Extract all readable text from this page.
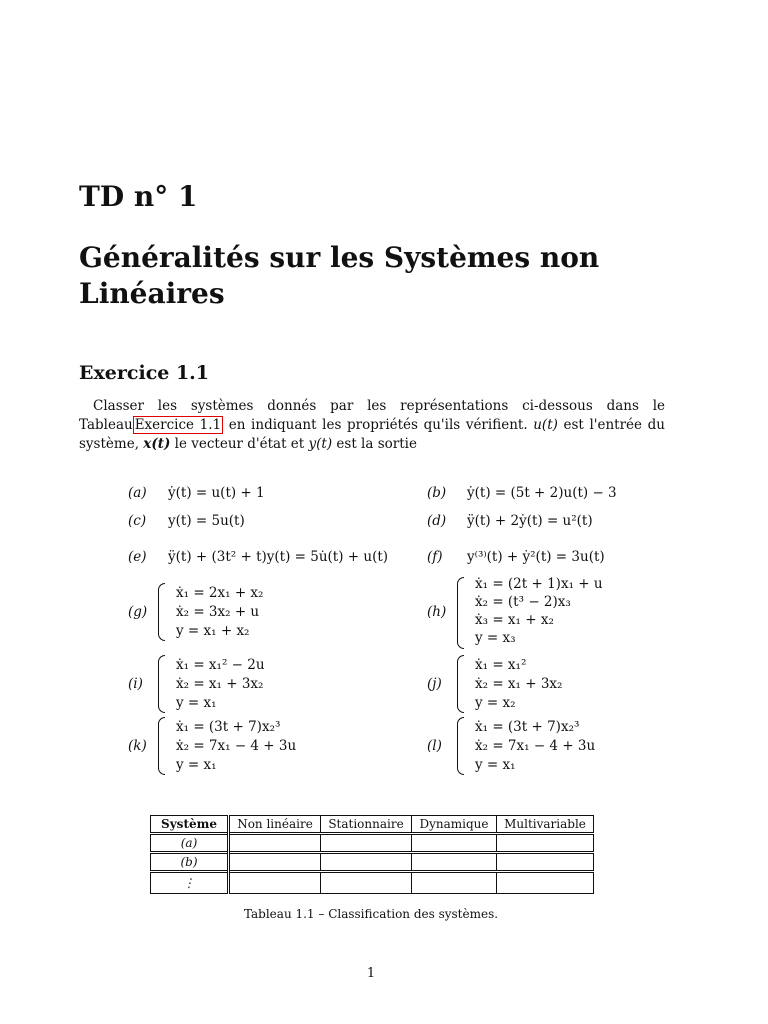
TD n° 1
Généralités sur les Systèmes non Linéaires
Exercice 1.1

Classer les systèmes donnés par les représentations ci-dessous dans le Tableau Exercice 1.1 en indiquant les propriétés qu'ils vérifient. u(t) est l'entrée du système, x(t) le vecteur d'état et y(t) est la sortie

(a) ẏ(t) = u(t) + 1	(b) ẏ(t) = (5t + 2)u(t) − 3
(c) y(t) = 5u(t)	(d) ÿ(t) + 2ẏ(t) = u²(t)
(e) ÿ(t) + (3t² + t)y(t) = 5u̇(t) + u(t)	(f) y⁽³⁾(t) + ẏ²(t) = 3u(t)
(g)
ẋ₁ = 2x₁ + x₂
ẋ₂ = 3x₂ + u
y = x₁ + x₂
(h)
ẋ₁ = (2t + 1)x₁ + u
ẋ₂ = (t³ − 2)x₃
ẋ₃ = x₁ + x₂
y = x₃
(i)
ẋ₁ = x₁² − 2u
ẋ₂ = x₁ + 3x₂
y = x₁
(j)
ẋ₁ = x₁²
ẋ₂ = x₁ + 3x₂
y = x₂
(k)
ẋ₁ = (3t + 7)x₂³
ẋ₂ = 7x₁ − 4 + 3u
y = x₁
(l)
ẋ₁ = (3t + 7)x₂³
ẋ₂ = 7x₁ − 4 + 3u
y = x₁
Système	Non linéaire	Stationnaire	Dynamique	Multivariable
(a)				
(b)				
⋮				
Tableau 1.1 – Classification des systèmes.
1
